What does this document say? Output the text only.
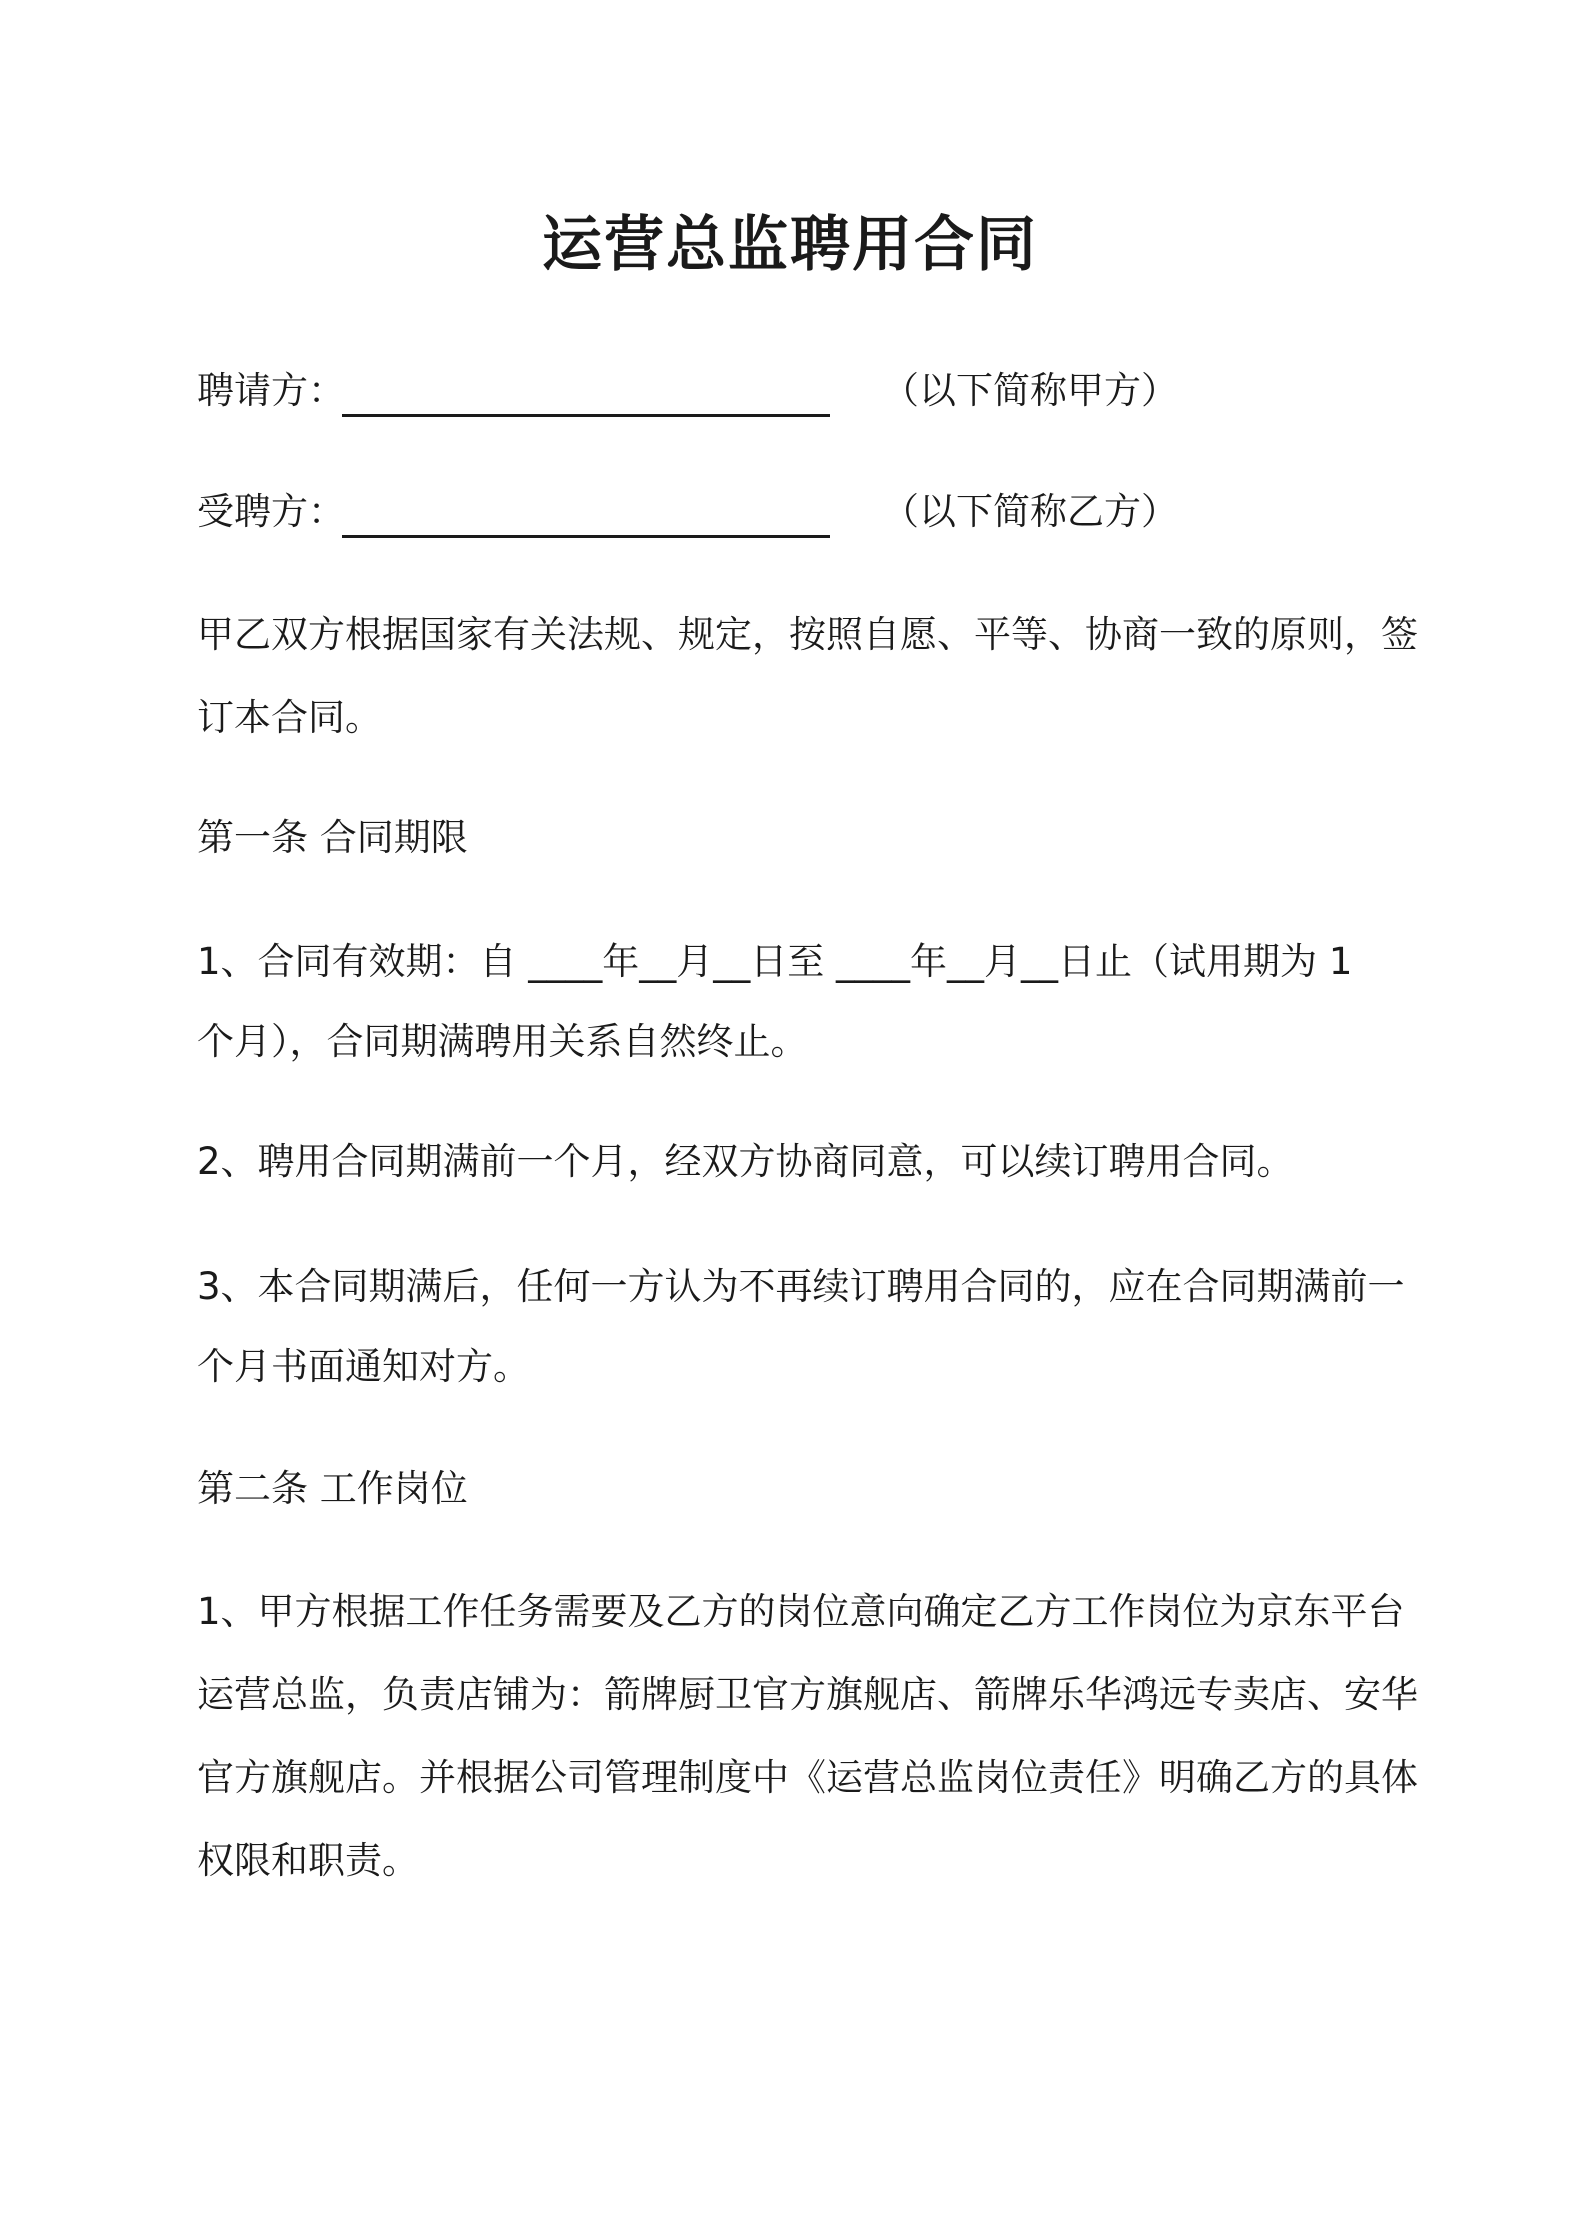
运营总监聘用合同
聘请方：	（以下简称甲方）
受聘方：	（以下简称乙方）
甲乙双方根据国家有关法规、规定，按照自愿、平等、协商一致的原则，签
订本合同。
第一条 合同期限
1、合同有效期：自 ____年__月__日至 ____年__月__日止（试用期为 1
个月），合同期满聘用关系自然终止。
2、聘用合同期满前一个月，经双方协商同意，可以续订聘用合同。
3、本合同期满后，任何一方认为不再续订聘用合同的，应在合同期满前一
个月书面通知对方。
第二条 工作岗位
1、甲方根据工作任务需要及乙方的岗位意向确定乙方工作岗位为京东平台
运营总监，负责店铺为：箭牌厨卫官方旗舰店、箭牌乐华鸿远专卖店、安华
官方旗舰店。并根据公司管理制度中《运营总监岗位责任》明确乙方的具体
权限和职责。
